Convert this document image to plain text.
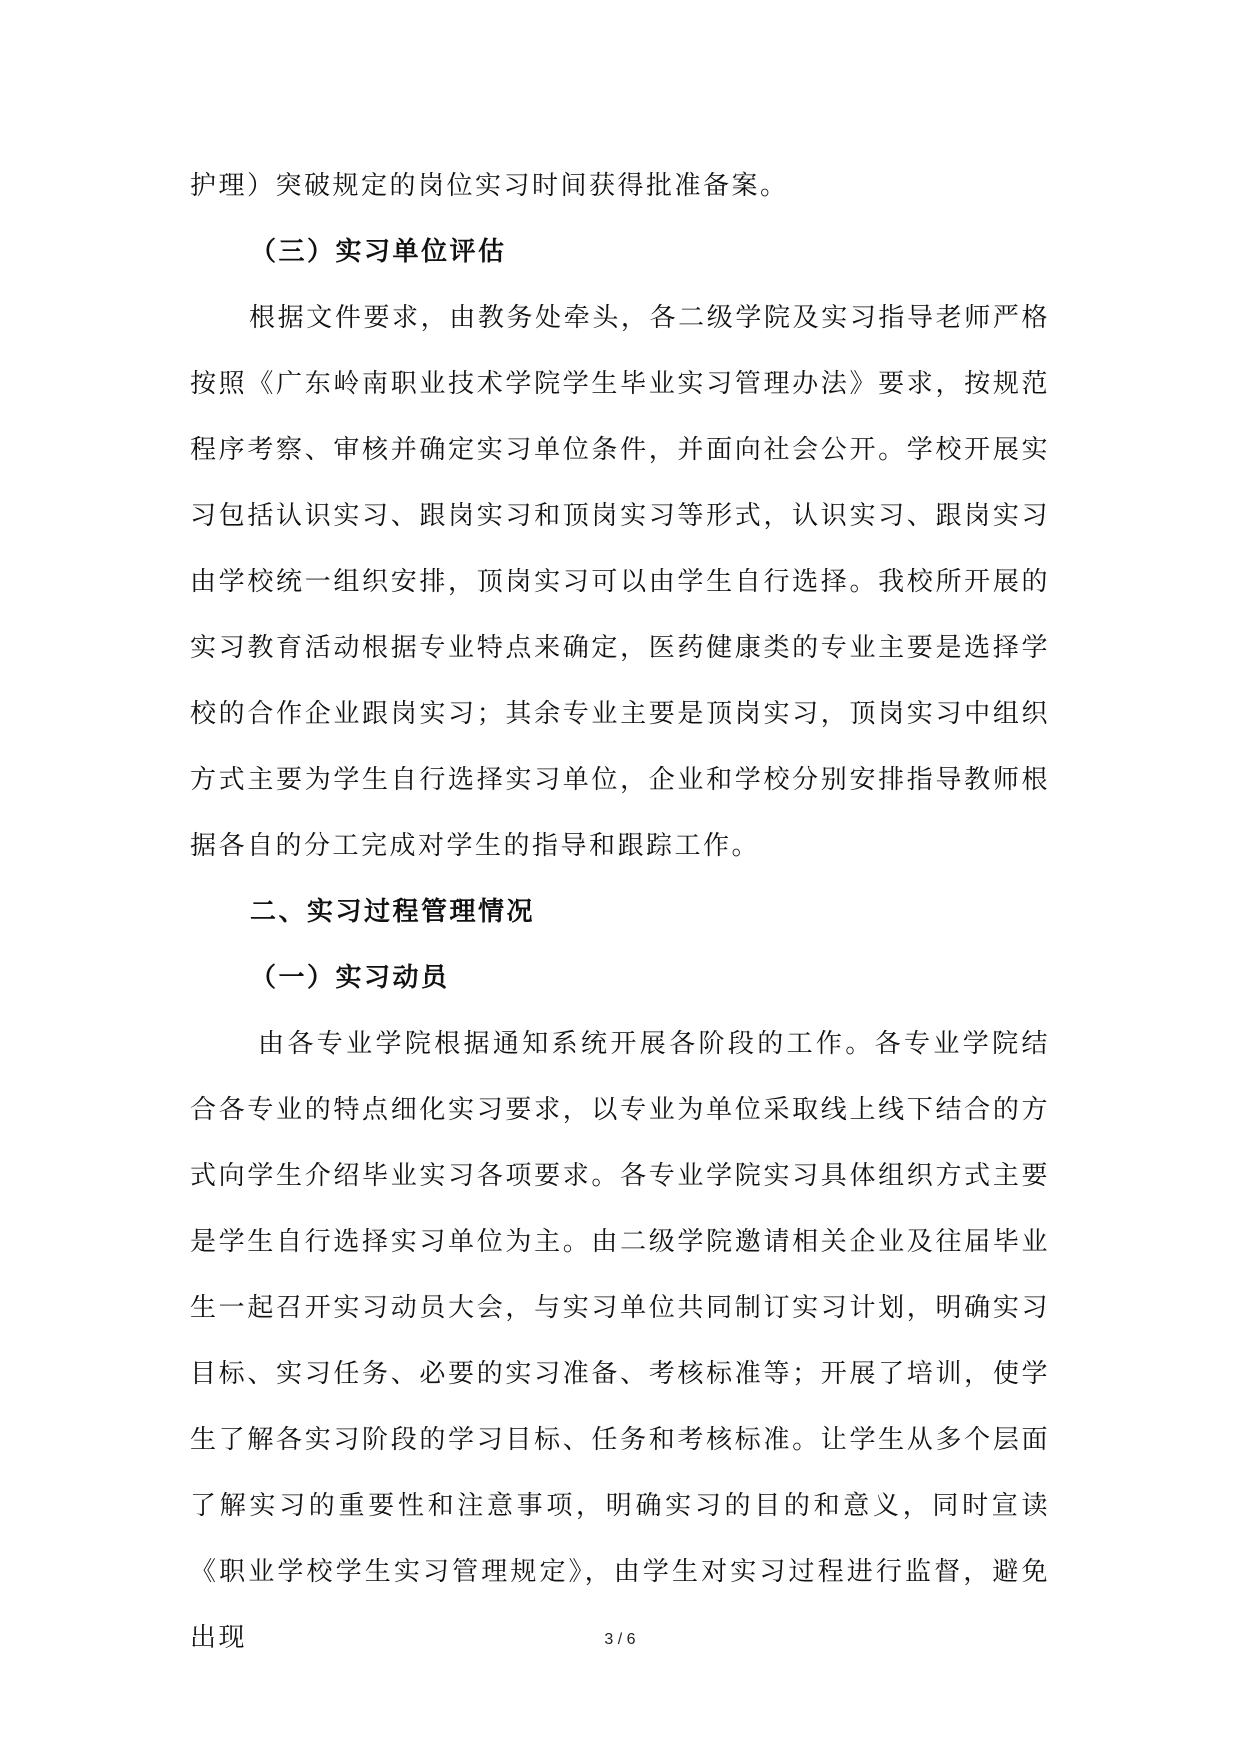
护理）突破规定的岗位实习时间获得批准备案。

（三）实习单位评估

根据文件要求，由教务处牵头，各二级学院及实习指导老师严格按照《广东岭南职业技术学院学生毕业实习管理办法》要求，按规范程序考察、审核并确定实习单位条件，并面向社会公开。学校开展实习包括认识实习、跟岗实习和顶岗实习等形式，认识实习、跟岗实习由学校统一组织安排，顶岗实习可以由学生自行选择。我校所开展的实习教育活动根据专业特点来确定，医药健康类的专业主要是选择学校的合作企业跟岗实习；其余专业主要是顶岗实习，顶岗实习中组织方式主要为学生自行选择实习单位，企业和学校分别安排指导教师根据各自的分工完成对学生的指导和跟踪工作。

二、实习过程管理情况

（一）实习动员

由各专业学院根据通知系统开展各阶段的工作。各专业学院结合各专业的特点细化实习要求，以专业为单位采取线上线下结合的方式向学生介绍毕业实习各项要求。各专业学院实习具体组织方式主要是学生自行选择实习单位为主。由二级学院邀请相关企业及往届毕业生一起召开实习动员大会，与实习单位共同制订实习计划，明确实习目标、实习任务、必要的实习准备、考核标准等；开展了培训，使学生了解各实习阶段的学习目标、任务和考核标准。让学生从多个层面了解实习的重要性和注意事项，明确实习的目的和意义，同时宣读《职业学校学生实习管理规定》，由学生对实习过程进行监督，避免出现	3 / 6
